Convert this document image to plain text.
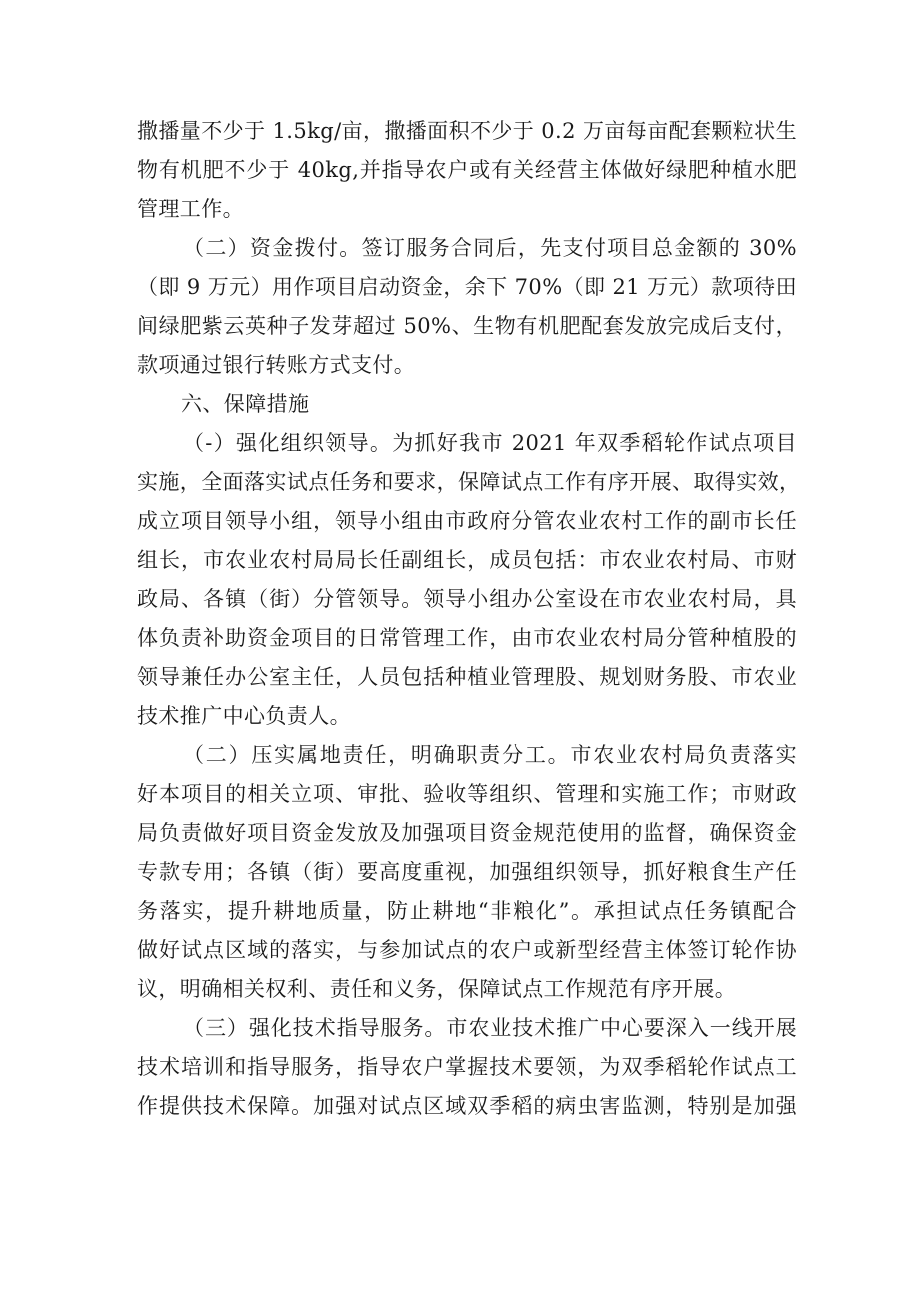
撒播量不少于 1.5kg/亩，撒播面积不少于 0.2 万亩每亩配套颗粒状生
物有机肥不少于 40kg,并指导农户或有关经营主体做好绿肥种植水肥
管理工作。
（二）资金拨付。签订服务合同后，先支付项目总金额的 30%
（即 9 万元）用作项目启动资金，余下 70%（即 21 万元）款项待田
间绿肥紫云英种子发芽超过 50%、生物有机肥配套发放完成后支付，
款项通过银行转账方式支付。
六、保障措施
（-）强化组织领导。为抓好我市 2021 年双季稻轮作试点项目
实施，全面落实试点任务和要求，保障试点工作有序开展、取得实效，
成立项目领导小组，领导小组由市政府分管农业农村工作的副市长任
组长，市农业农村局局长任副组长，成员包括：市农业农村局、市财
政局、各镇（街）分管领导。领导小组办公室设在市农业农村局，具
体负责补助资金项目的日常管理工作，由市农业农村局分管种植股的
领导兼任办公室主任，人员包括种植业管理股、规划财务股、市农业
技术推广中心负责人。
（二）压实属地责任，明确职责分工。市农业农村局负责落实
好本项目的相关立项、审批、验收等组织、管理和实施工作；市财政
局负责做好项目资金发放及加强项目资金规范使用的监督，确保资金
专款专用；各镇（街）要高度重视，加强组织领导，抓好粮食生产任
务落实，提升耕地质量，防止耕地“非粮化”。承担试点任务镇配合
做好试点区域的落实，与参加试点的农户或新型经营主体签订轮作协
议，明确相关权利、责任和义务，保障试点工作规范有序开展。
（三）强化技术指导服务。市农业技术推广中心要深入一线开展
技术培训和指导服务，指导农户掌握技术要领，为双季稻轮作试点工
作提供技术保障。加强对试点区域双季稻的病虫害监测，特别是加强
